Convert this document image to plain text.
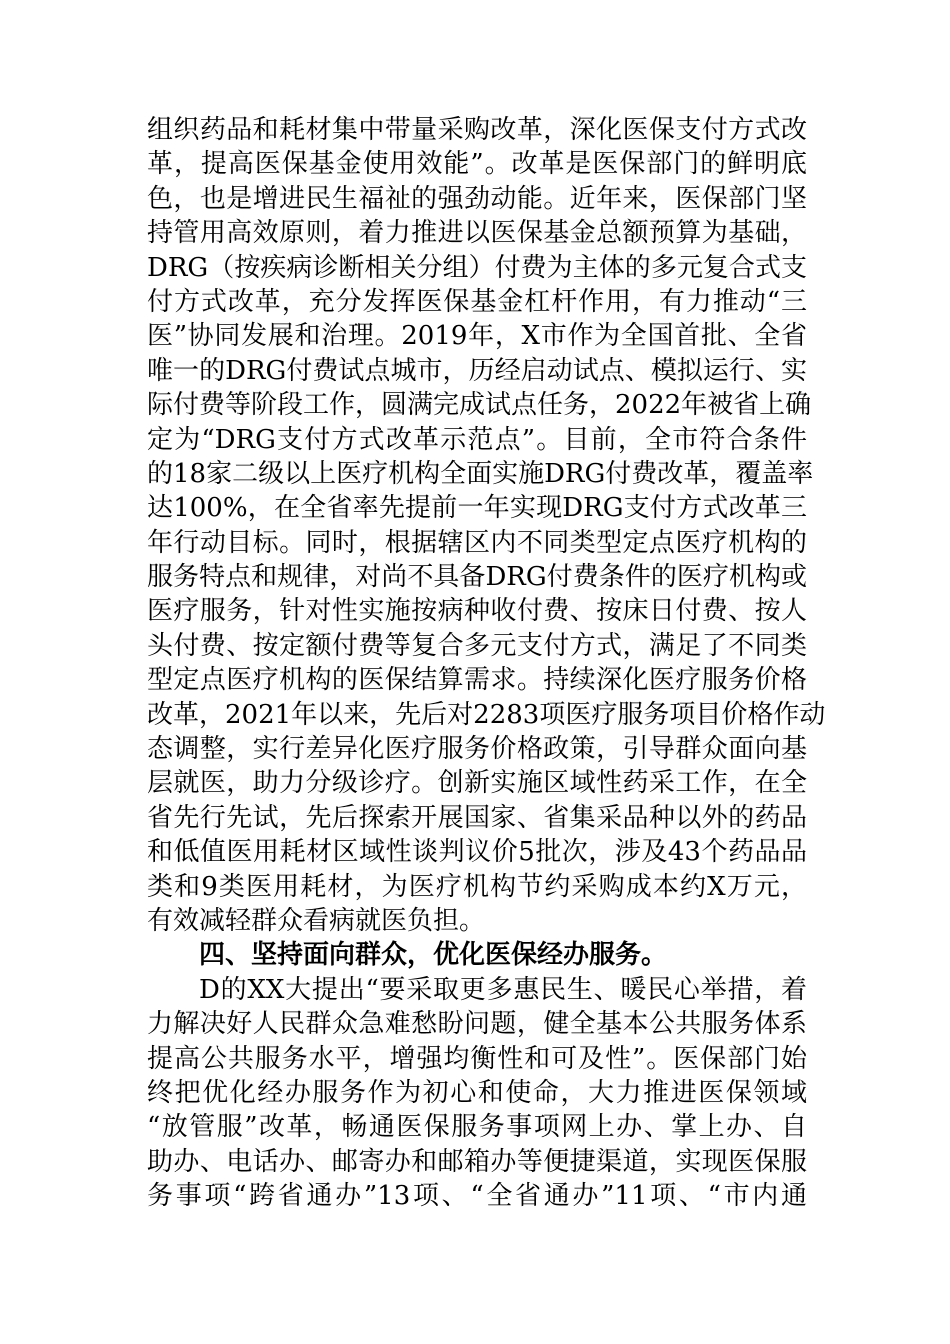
组织药品和耗材集中带量采购改革，深化医保支付方式改
革，提高医保基金使用效能”。改革是医保部门的鲜明底
色，也是增进民生福祉的强劲动能。近年来，医保部门坚
持管用高效原则，着力推进以医保基金总额预算为基础，
DRG（按疾病诊断相关分组）付费为主体的多元复合式支
付方式改革，充分发挥医保基金杠杆作用，有力推动“三
医”协同发展和治理。2019年，X市作为全国首批、全省
唯一的DRG付费试点城市，历经启动试点、模拟运行、实
际付费等阶段工作，圆满完成试点任务，2022年被省上确
定为“DRG支付方式改革示范点”。目前，全市符合条件
的18家二级以上医疗机构全面实施DRG付费改革，覆盖率
达100%，在全省率先提前一年实现DRG支付方式改革三
年行动目标。同时，根据辖区内不同类型定点医疗机构的
服务特点和规律，对尚不具备DRG付费条件的医疗机构或
医疗服务，针对性实施按病种收付费、按床日付费、按人
头付费、按定额付费等复合多元支付方式，满足了不同类
型定点医疗机构的医保结算需求。持续深化医疗服务价格
改革，2021年以来，先后对2283项医疗服务项目价格作动
态调整，实行差异化医疗服务价格政策，引导群众面向基
层就医，助力分级诊疗。创新实施区域性药采工作，在全
省先行先试，先后探索开展国家、省集采品种以外的药品
和低值医用耗材区域性谈判议价5批次，涉及43个药品品
类和9类医用耗材，为医疗机构节约采购成本约X万元，
有效减轻群众看病就医负担。
四、坚持面向群众，优化医保经办服务。
D的XX大提出“要采取更多惠民生、暖民心举措，着
力解决好人民群众急难愁盼问题，健全基本公共服务体系
提高公共服务水平，增强均衡性和可及性”。医保部门始
终把优化经办服务作为初心和使命，大力推进医保领域
“放管服”改革，畅通医保服务事项网上办、掌上办、自
助办、电话办、邮寄办和邮箱办等便捷渠道，实现医保服
务事项“跨省通办”13项、“全省通办”11项、“市内通
